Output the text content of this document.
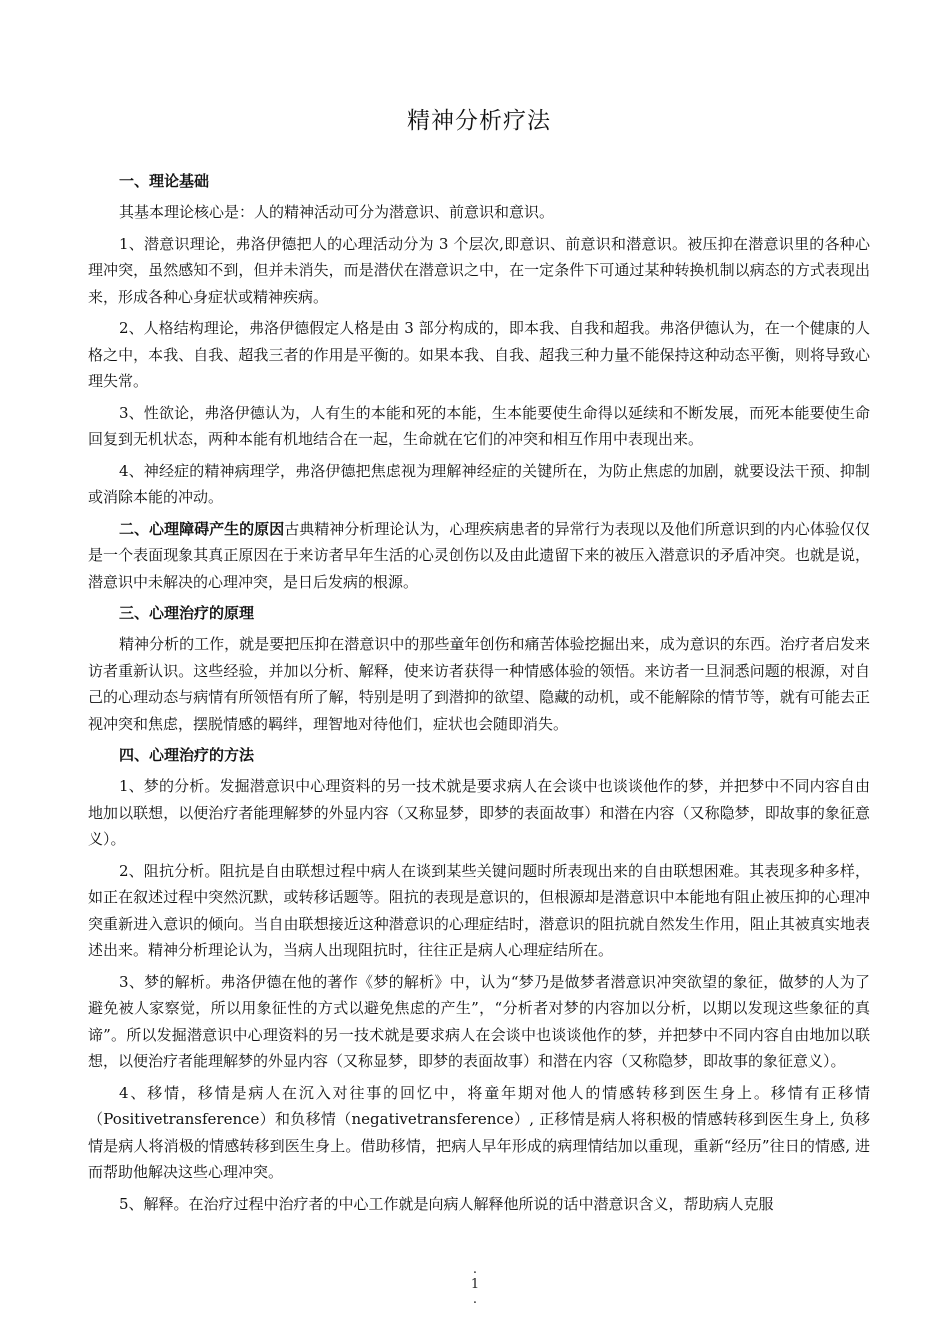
精神分析疗法

一、理论基础

其基本理论核心是：人的精神活动可分为潜意识、前意识和意识。

1、潜意识理论，弗洛伊德把人的心理活动分为 3 个层次,即意识、前意识和潜意识。被压抑在潜意识里的各种心理冲突，虽然感知不到，但并未消失，而是潜伏在潜意识之中，在一定条件下可通过某种转换机制以病态的方式表现出来，形成各种心身症状或精神疾病。

2、人格结构理论，弗洛伊德假定人格是由 3 部分构成的，即本我、自我和超我。弗洛伊德认为，在一个健康的人格之中，本我、自我、超我三者的作用是平衡的。如果本我、自我、超我三种力量不能保持这种动态平衡，则将导致心理失常。

3、性欲论，弗洛伊德认为，人有生的本能和死的本能，生本能要使生命得以延续和不断发展，而死本能要使生命回复到无机状态，两种本能有机地结合在一起，生命就在它们的冲突和相互作用中表现出来。

4、神经症的精神病理学，弗洛伊德把焦虑视为理解神经症的关键所在，为防止焦虑的加剧，就要设法干预、抑制或消除本能的冲动。

二、心理障碍产生的原因古典精神分析理论认为，心理疾病患者的异常行为表现以及他们所意识到的内心体验仅仅是一个表面现象其真正原因在于来访者早年生活的心灵创伤以及由此遗留下来的被压入潜意识的矛盾冲突。也就是说，潜意识中未解决的心理冲突，是日后发病的根源。

三、心理治疗的原理

精神分析的工作，就是要把压抑在潜意识中的那些童年创伤和痛苦体验挖掘出来，成为意识的东西。治疗者启发来访者重新认识。这些经验，并加以分析、解释，使来访者获得一种情感体验的领悟。来访者一旦洞悉问题的根源，对自己的心理动态与病情有所领悟有所了解，特别是明了到潜抑的欲望、隐藏的动机，或不能解除的情节等，就有可能去正视冲突和焦虑，摆脱情感的羁绊，理智地对待他们，症状也会随即消失。

四、心理治疗的方法

1、梦的分析。发掘潜意识中心理资料的另一技术就是要求病人在会谈中也谈谈他作的梦，并把梦中不同内容自由地加以联想，以便治疗者能理解梦的外显内容（又称显梦，即梦的表面故事）和潜在内容（又称隐梦，即故事的象征意义）。

2、阻抗分析。阻抗是自由联想过程中病人在谈到某些关键问题时所表现出来的自由联想困难。其表现多种多样，如正在叙述过程中突然沉默，或转移话题等。阻抗的表现是意识的，但根源却是潜意识中本能地有阻止被压抑的心理冲突重新进入意识的倾向。当自由联想接近这种潜意识的心理症结时，潜意识的阻抗就自然发生作用，阻止其被真实地表述出来。精神分析理论认为，当病人出现阻抗时，往往正是病人心理症结所在。

3、梦的解析。弗洛伊德在他的著作《梦的解析》中，认为“梦乃是做梦者潜意识冲突欲望的象征，做梦的人为了避免被人家察觉，所以用象征性的方式以避免焦虑的产生”，“分析者对梦的内容加以分析，以期以发现这些象征的真谛”。所以发掘潜意识中心理资料的另一技术就是要求病人在会谈中也谈谈他作的梦，并把梦中不同内容自由地加以联想，以便治疗者能理解梦的外显内容（又称显梦，即梦的表面故事）和潜在内容（又称隐梦，即故事的象征意义）。

4、移情，移情是病人在沉入对往事的回忆中，将童年期对他人的情感转移到医生身上。移情有正移情（Positivetransference）和负移情（negativetransference）, 正移情是病人将积极的情感转移到医生身上, 负移情是病人将消极的情感转移到医生身上。借助移情，把病人早年形成的病理情结加以重现，重新“经历”往日的情感, 进而帮助他解决这些心理冲突。

5、解释。在治疗过程中治疗者的中心工作就是向病人解释他所说的话中潜意识含义，帮助病人克服

.
1
.
